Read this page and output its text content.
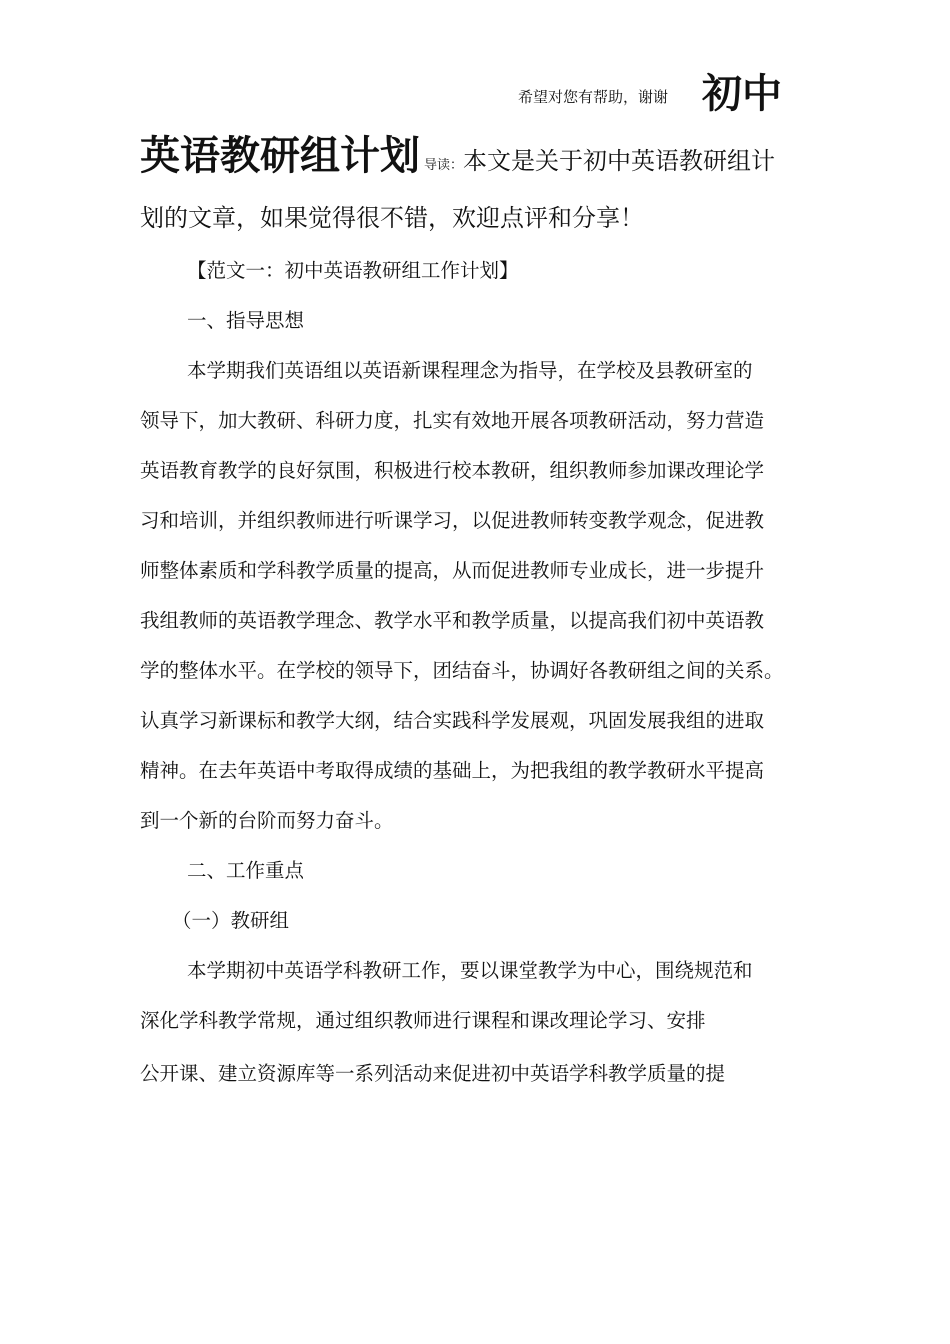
希望对您有帮助，谢谢 初中
英语教研组计划 导读：本文是关于初中英语教研组计
划的文章，如果觉得很不错，欢迎点评和分享！
【范文一：初中英语教研组工作计划】
一、指导思想
本学期我们英语组以英语新课程理念为指导，在学校及县教研室的
领导下，加大教研、科研力度，扎实有效地开展各项教研活动，努力营造
英语教育教学的良好氛围，积极进行校本教研，组织教师参加课改理论学
习和培训，并组织教师进行听课学习，以促进教师转变教学观念，促进教
师整体素质和学科教学质量的提高，从而促进教师专业成长，进一步提升
我组教师的英语教学理念、教学水平和教学质量，以提高我们初中英语教
学的整体水平。在学校的领导下，团结奋斗，协调好各教研组之间的关系。
认真学习新课标和教学大纲，结合实践科学发展观，巩固发展我组的进取
精神。在去年英语中考取得成绩的基础上，为把我组的教学教研水平提高
到一个新的台阶而努力奋斗。
二、工作重点
（一）教研组
本学期初中英语学科教研工作，要以课堂教学为中心，围绕规范和
深化学科教学常规，通过组织教师进行课程和课改理论学习、安排
公开课、建立资源库等一系列活动来促进初中英语学科教学质量的提
